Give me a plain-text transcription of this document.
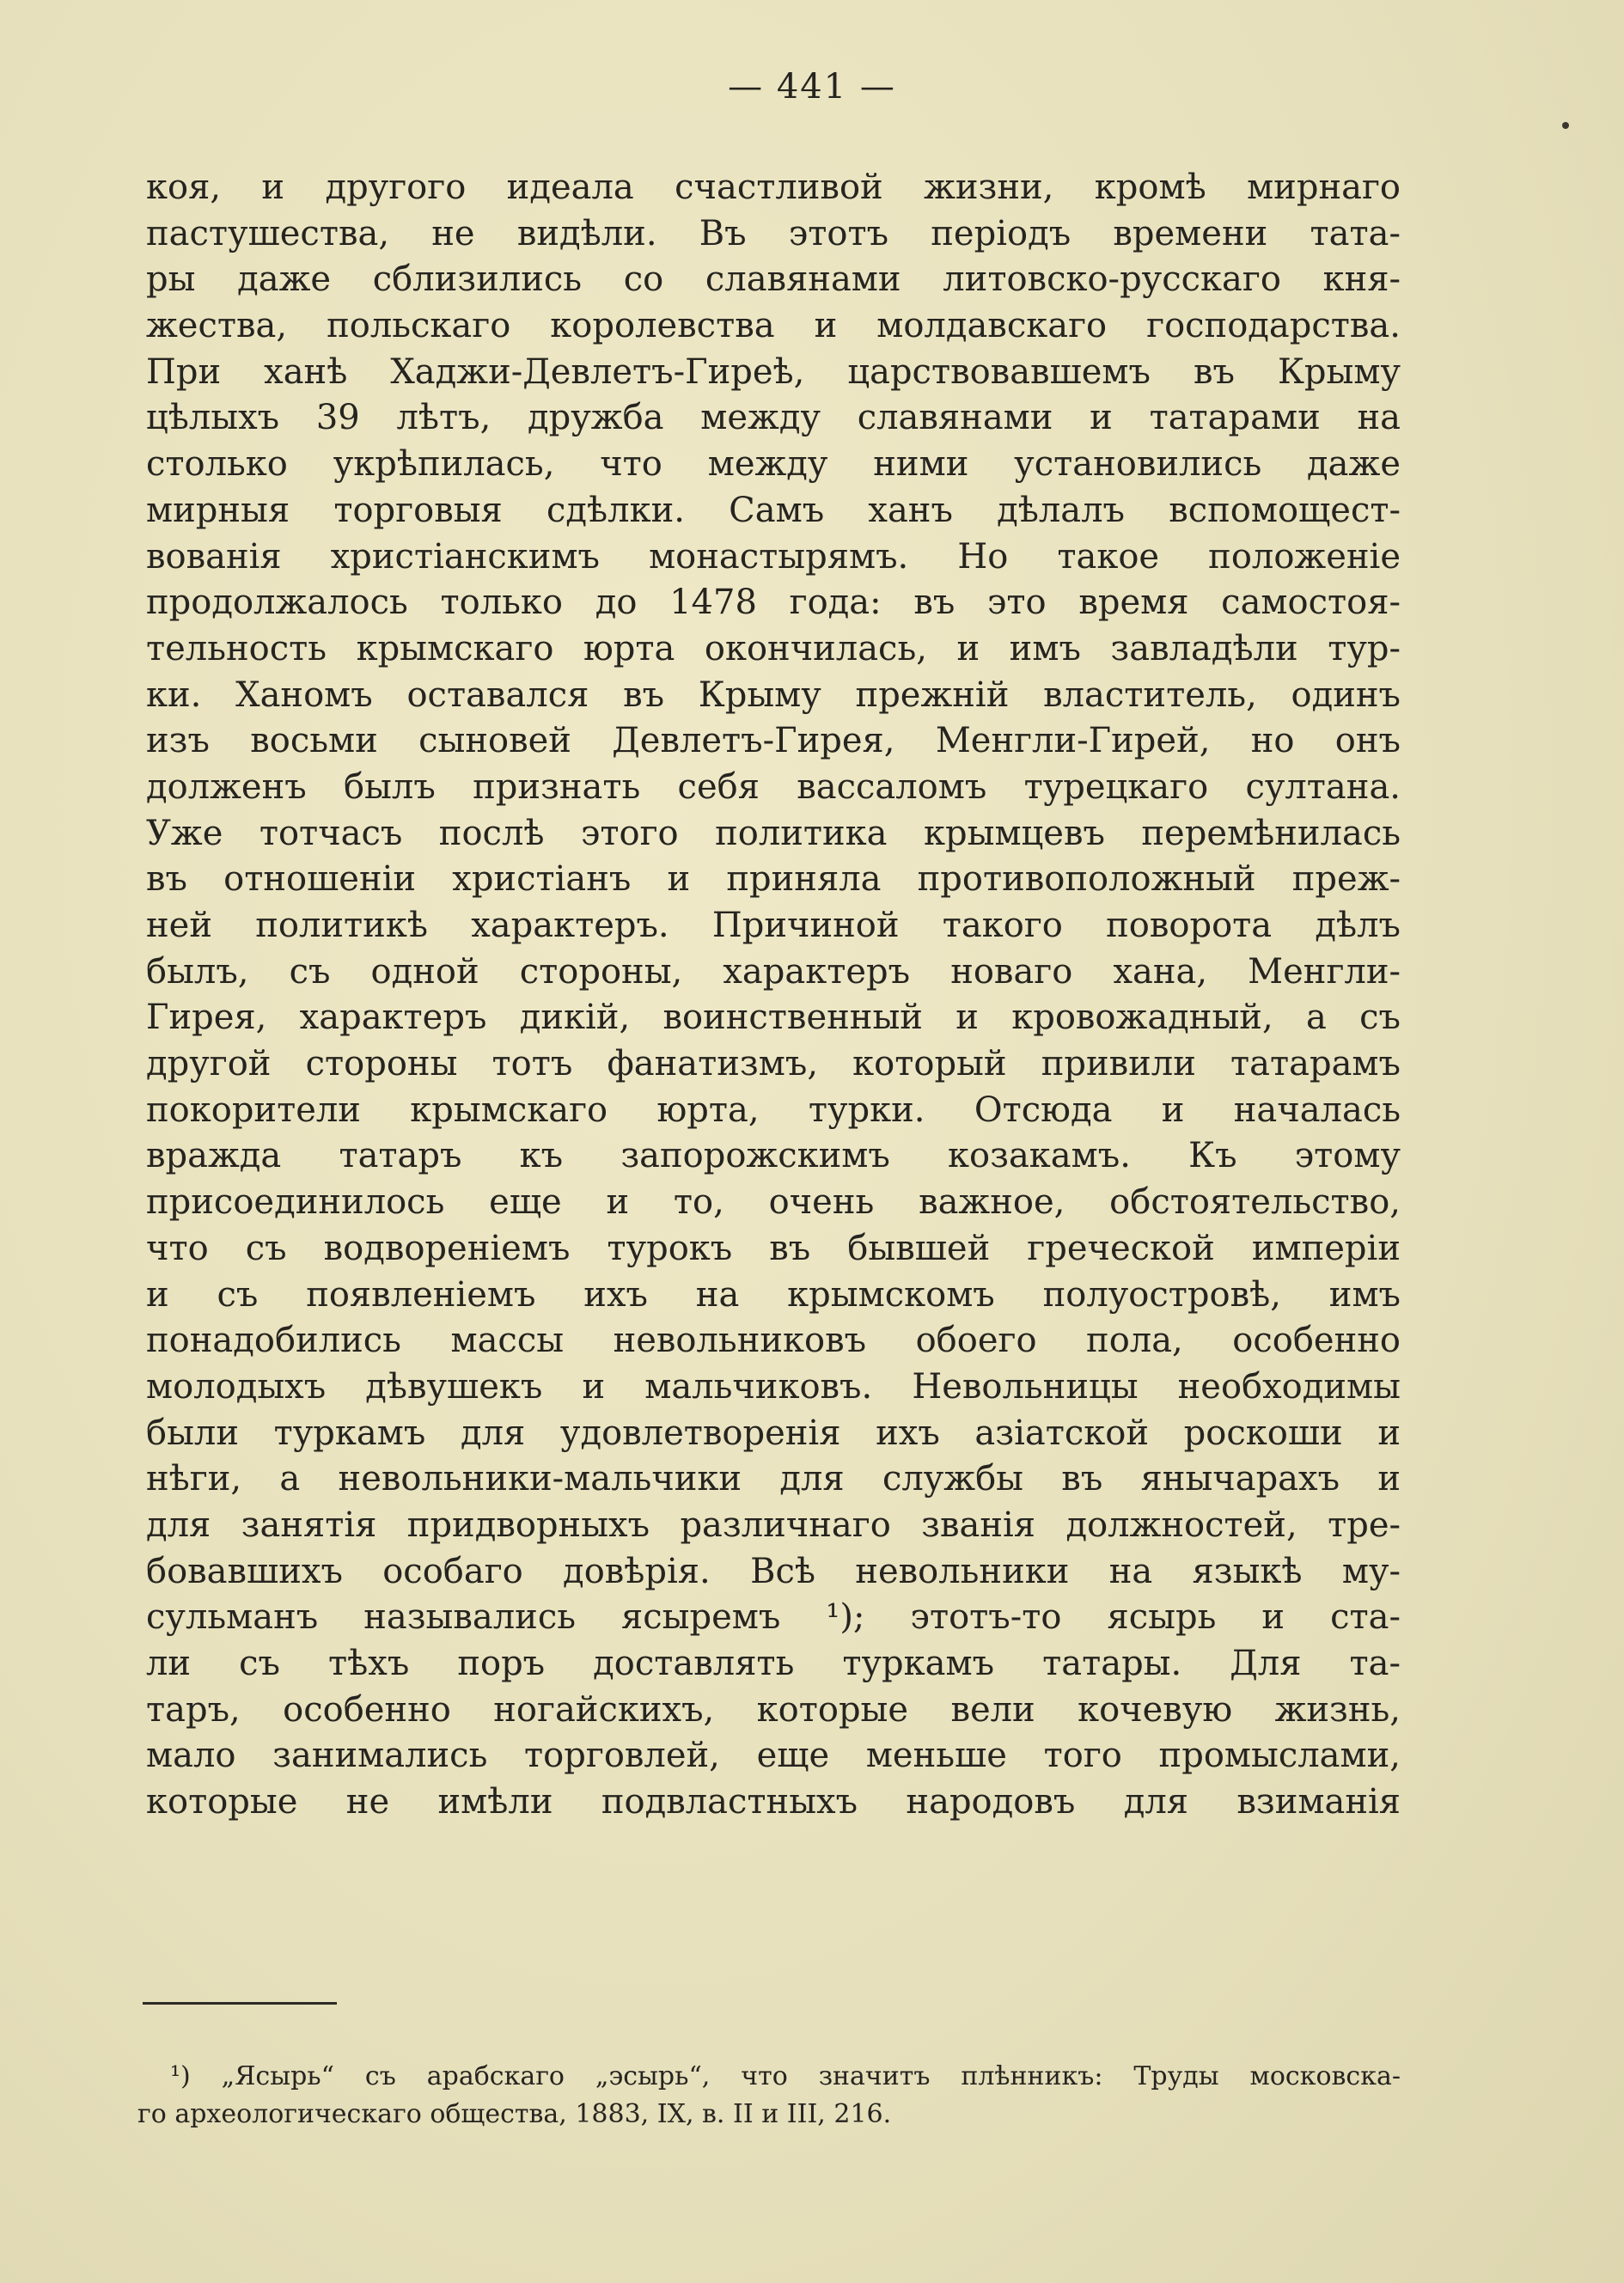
— 441 —
коя, и другого идеала счастливой жизни, кромѣ мирнаго
пастушества, не видѣли. Въ этотъ періодъ времени тата-
ры даже сблизились со славянами литовско-русскаго кня-
жества, польскаго королевства и молдавскаго господарства.
При ханѣ Хаджи-Девлетъ-Гиреѣ, царствовавшемъ въ Крыму
цѣлыхъ 39 лѣтъ, дружба между славянами и татарами на
столько укрѣпилась, что между ними установились даже
мирныя торговыя сдѣлки. Самъ ханъ дѣлалъ вспомощест-
вованія христіанскимъ монастырямъ. Но такое положеніе
продолжалось только до 1478 года: въ это время самостоя-
тельность крымскаго юрта окончилась, и имъ завладѣли тур-
ки. Ханомъ оставался въ Крыму прежній властитель, одинъ
изъ восьми сыновей Девлетъ-Гирея, Менгли-Гирей, но онъ
долженъ былъ признать себя вассаломъ турецкаго султана.
Уже тотчасъ послѣ этого политика крымцевъ перемѣнилась
въ отношеніи христіанъ и приняла противоположный преж-
ней политикѣ характеръ. Причиной такого поворота дѣлъ
былъ, съ одной стороны, характеръ новаго хана, Менгли-
Гирея, характеръ дикій, воинственный и кровожадный, а съ
другой стороны тотъ фанатизмъ, который привили татарамъ
покорители крымскаго юрта, турки. Отсюда и началась
вражда татаръ къ запорожскимъ козакамъ. Къ этому
присоединилось еще и то, очень важное, обстоятельство,
что съ водвореніемъ турокъ въ бывшей греческой имперіи
и съ появленіемъ ихъ на крымскомъ полуостровѣ, имъ
понадобились массы невольниковъ обоего пола, особенно
молодыхъ дѣвушекъ и мальчиковъ. Невольницы необходимы
были туркамъ для удовлетворенія ихъ азіатской роскоши и
нѣги, а невольники-мальчики для службы въ янычарахъ и
для занятія придворныхъ различнаго званія должностей, тре-
бовавшихъ особаго довѣрія. Всѣ невольники на языкѣ му-
сульманъ назывались ясыремъ ¹); этотъ-то ясырь и ста-
ли съ тѣхъ поръ доставлять туркамъ татары. Для та-
таръ, особенно ногайскихъ, которые вели кочевую жизнь,
мало занимались торговлей, еще меньше того промыслами,
которые не имѣли подвластныхъ народовъ для взиманія
¹) „Ясырь“ съ арабскаго „эсырь“, что значитъ плѣнникъ: Труды московска-
го археологическаго общества, 1883, IX, в. II и III, 216.
